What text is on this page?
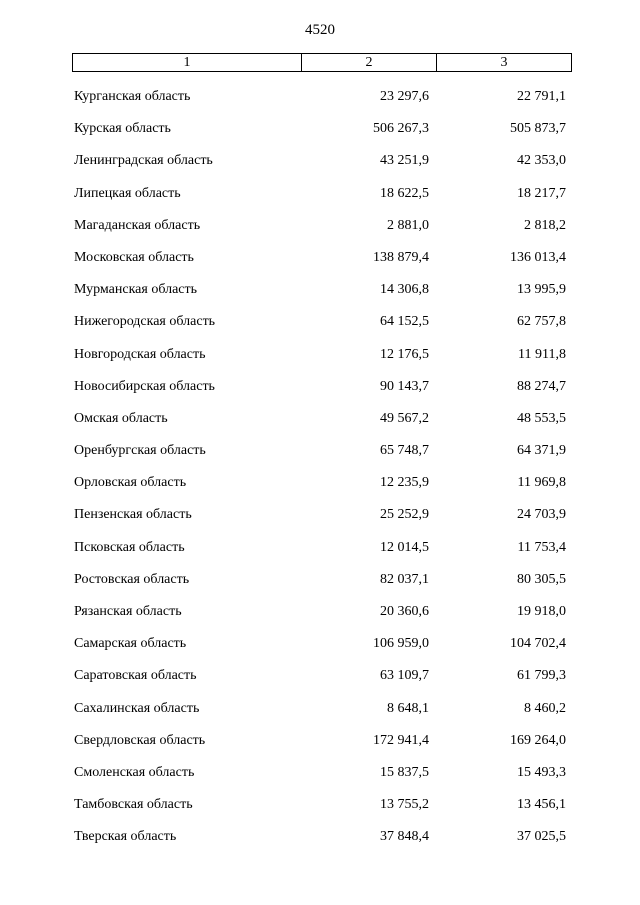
4520
1	2	3
Курганская область	23 297,6	22 791,1
Курская область	506 267,3	505 873,7
Ленинградская область	43 251,9	42 353,0
Липецкая область	18 622,5	18 217,7
Магаданская область	2 881,0	2 818,2
Московская область	138 879,4	136 013,4
Мурманская область	14 306,8	13 995,9
Нижегородская область	64 152,5	62 757,8
Новгородская область	12 176,5	11 911,8
Новосибирская область	90 143,7	88 274,7
Омская область	49 567,2	48 553,5
Оренбургская область	65 748,7	64 371,9
Орловская область	12 235,9	11 969,8
Пензенская область	25 252,9	24 703,9
Псковская область	12 014,5	11 753,4
Ростовская область	82 037,1	80 305,5
Рязанская область	20 360,6	19 918,0
Самарская область	106 959,0	104 702,4
Саратовская область	63 109,7	61 799,3
Сахалинская область	8 648,1	8 460,2
Свердловская область	172 941,4	169 264,0
Смоленская область	15 837,5	15 493,3
Тамбовская область	13 755,2	13 456,1
Тверская область	37 848,4	37 025,5
